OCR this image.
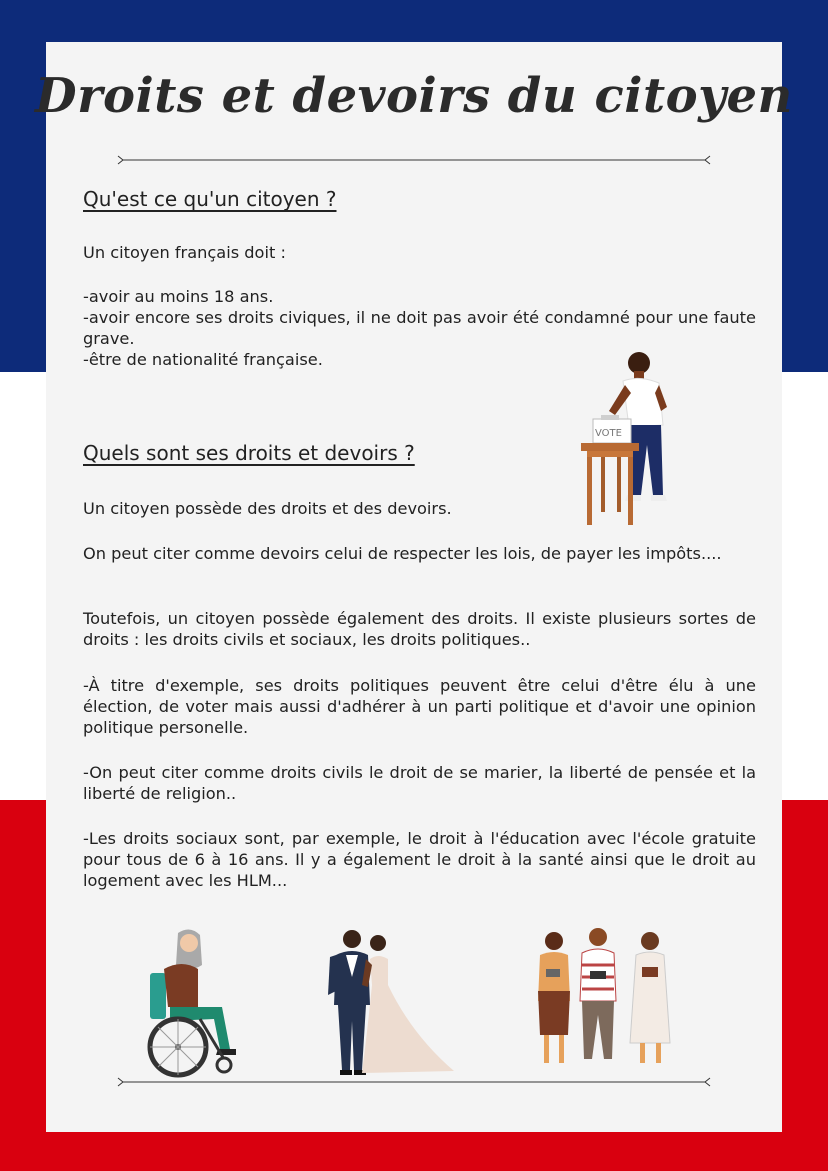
Droits et devoirs du citoyen
Qu'est ce qu'un citoyen ?

Un citoyen français doit :

-avoir au moins 18 ans.
-avoir encore ses droits civiques, il ne doit pas avoir été condamné pour une faute grave.
-être de nationalité française.
Quels sont ses droits et devoirs ?

Un citoyen possède des droits et des devoirs.

On peut citer comme devoirs celui de respecter les lois, de payer les impôts....

Toutefois, un citoyen possède également des droits. Il existe plusieurs sortes de droits : les droits civils et sociaux, les droits politiques..

-À titre d'exemple, ses droits politiques peuvent être celui d'être élu à une élection, de voter mais aussi d'adhérer à un parti politique et d'avoir une opinion politique personelle.

-On peut citer comme droits civils le droit de se marier, la liberté de pensée et la liberté de religion..

-Les droits sociaux sont, par exemple, le droit à l'éducation avec l'école gratuite pour tous de 6 à 16 ans. Il y a également le droit à la santé ainsi que le droit au logement avec les HLM...

VOTE
